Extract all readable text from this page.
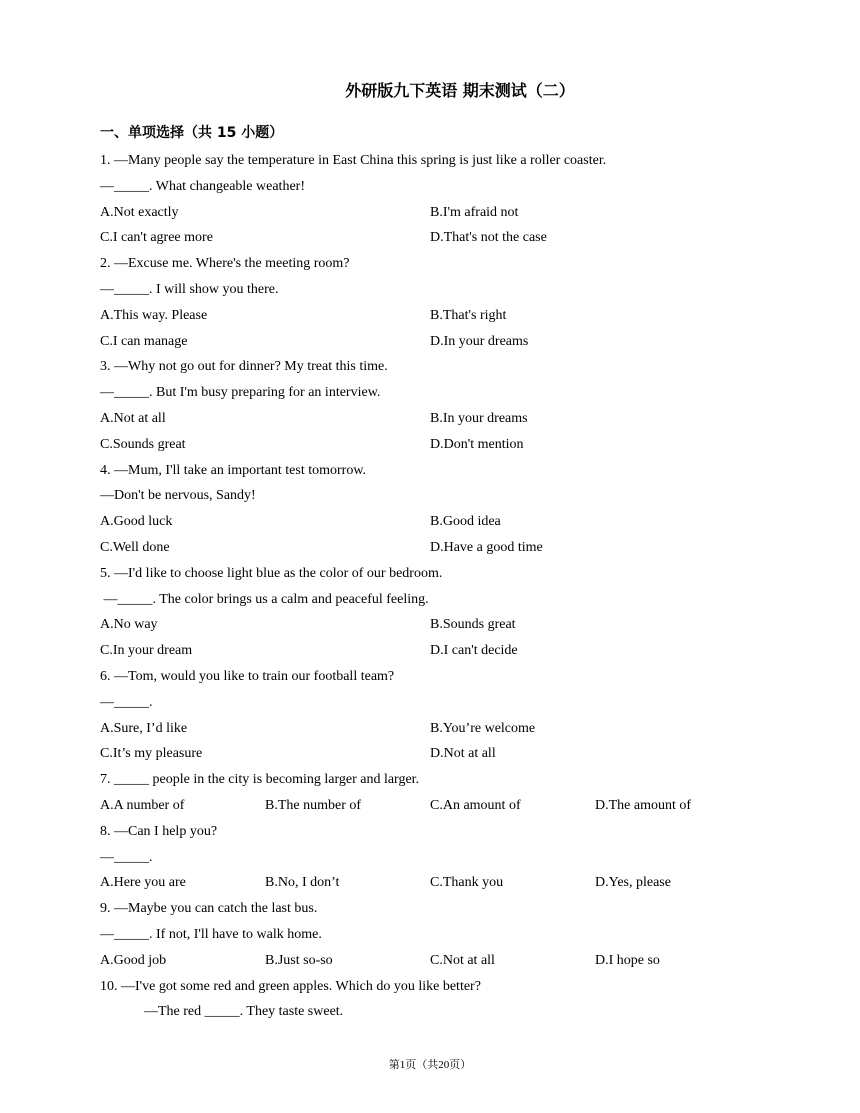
外研版九下英语 期末测试（二）
一、单项选择（共 15 小题）
1. —Many people say the temperature in East China this spring is just like a roller coaster.
—_____. What changeable weather!
A.Not exactly	B.I'm afraid not
C.I can't agree more	D.That's not the case
2. —Excuse me. Where's the meeting room?
—_____. I will show you there.
A.This way. Please	B.That's right
C.I can manage	D.In your dreams
3. —Why not go out for dinner? My treat this time.
—_____. But I'm busy preparing for an interview.
A.Not at all	B.In your dreams
C.Sounds great	D.Don't mention
4. —Mum, I'll take an important test tomorrow.
—Don't be nervous, Sandy!
A.Good luck	B.Good idea
C.Well done	D.Have a good time
5. —I'd like to choose light blue as the color of our bedroom.
—_____. The color brings us a calm and peaceful feeling.
A.No way	B.Sounds great
C.In your dream	D.I can't decide
6. —Tom, would you like to train our football team?
—_____.
A.Sure, I’d like	B.You’re welcome
C.It’s my pleasure	D.Not at all
7. _____ people in the city is becoming larger and larger.
A.A number of	B.The number of	C.An amount of	D.The amount of
8. —Can I help you?
—_____.
A.Here you are	B.No, I don’t	C.Thank you	D.Yes, please
9. —Maybe you can catch the last bus.
—_____. If not, I'll have to walk home.
A.Good job	B.Just so-so	C.Not at all	D.I hope so
10. —I've got some red and green apples. Which do you like better?
—The red _____. They taste sweet.
第1页（共20页）
